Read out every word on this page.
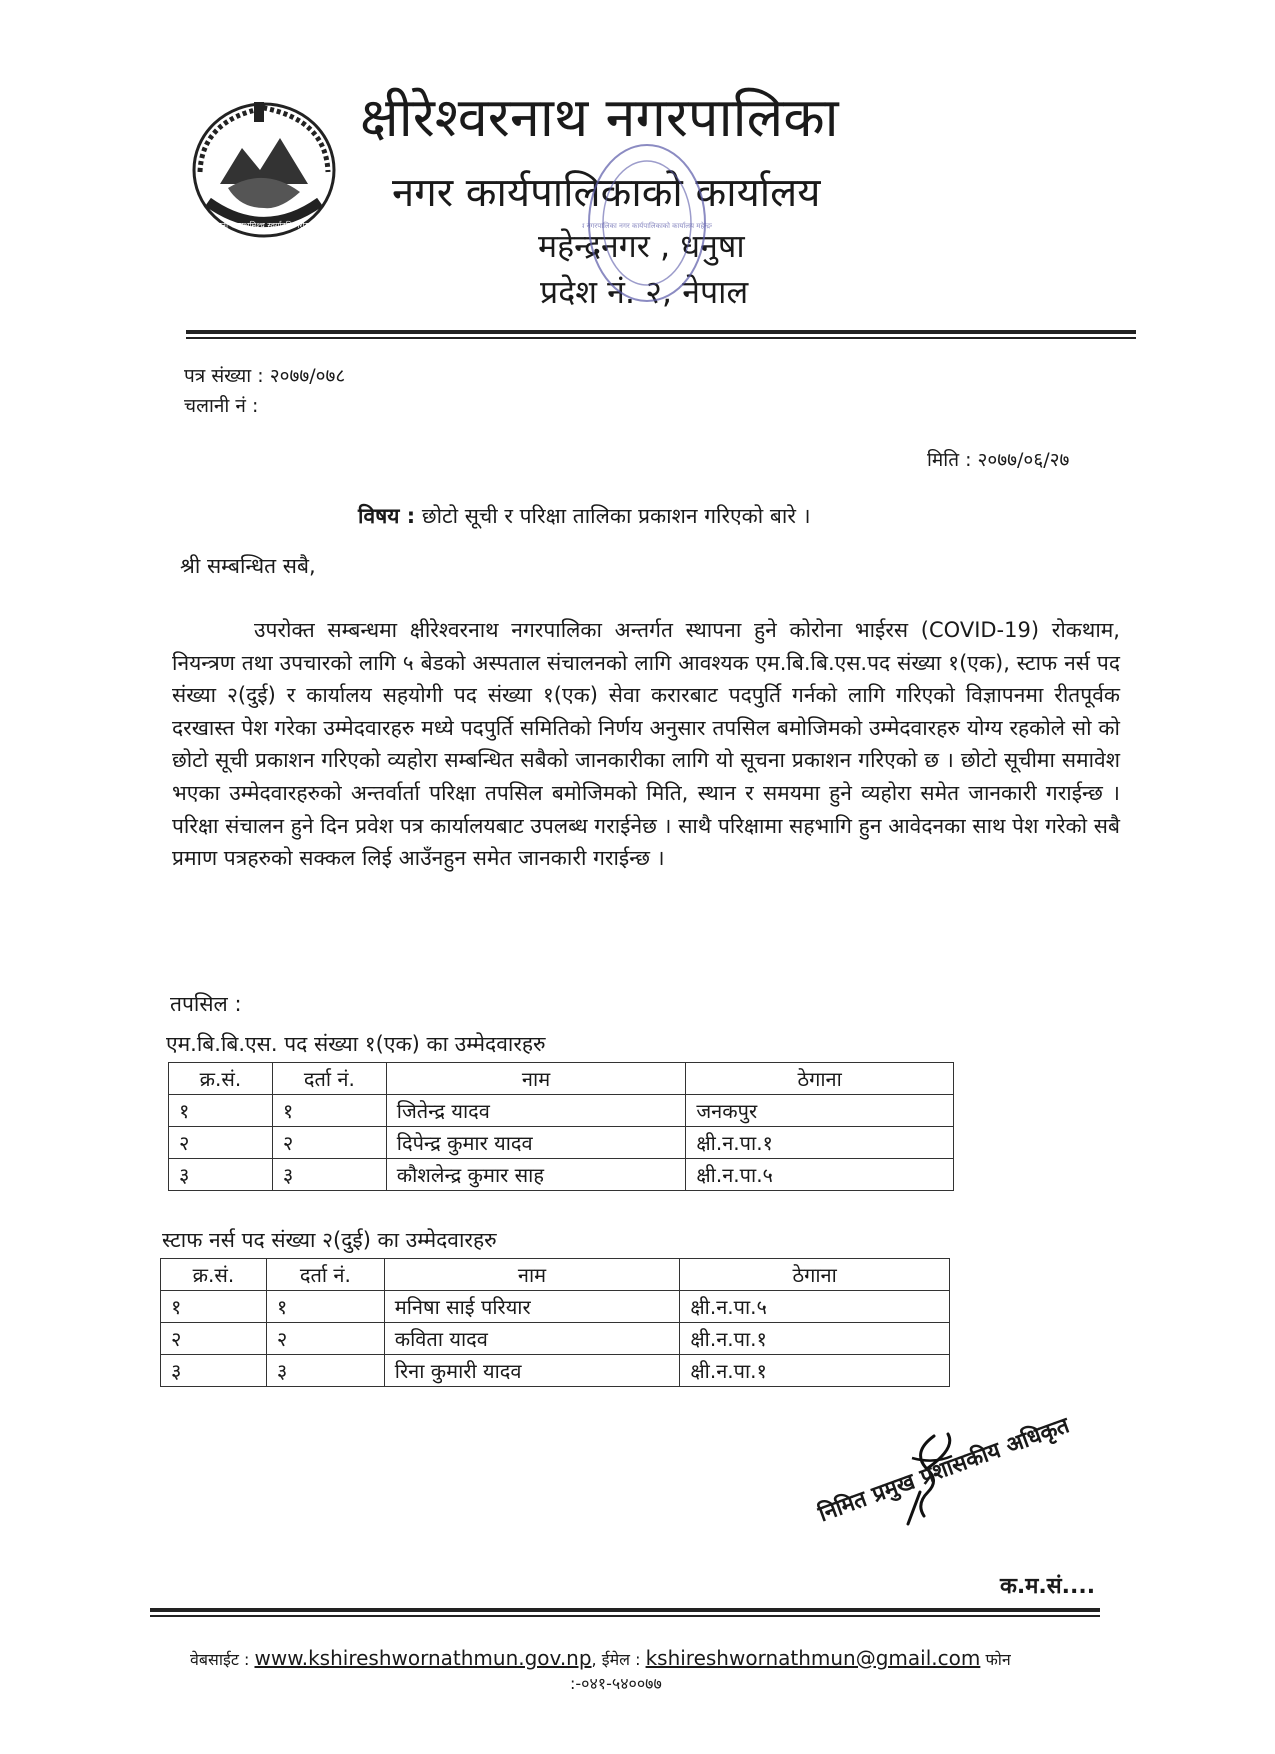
जननी जन्मभूमिश्च स्वर्गादपि गरीयसी
क्षीरेश्वरनाथ नगरपालिका
नगर कार्यपालिकाको कार्यालय
महेन्द्रनगर , धनुषा
प्रदेश नं. २, नेपाल
थ नगरपालिका नगर कार्यपालिकाको कार्यालय महेन्द्र
पत्र संख्या : २०७७/०७८
चलानी नं :
मिति : २०७७/०६/२७
विषय : छोटो सूची र परिक्षा तालिका प्रकाशन गरिएको बारे ।
श्री सम्बन्धित सबै,
उपरोक्त सम्बन्धमा क्षीरेश्वरनाथ नगरपालिका अन्तर्गत स्थापना हुने कोरोना भाईरस (COVID-19) रोकथाम, नियन्त्रण तथा उपचारको लागि ५ बेडको अस्पताल संचालनको लागि आवश्यक एम.बि.बि.एस.पद संख्या १(एक), स्टाफ नर्स पद संख्या २(दुई) र कार्यालय सहयोगी पद संख्या १(एक) सेवा करारबाट पदपुर्ति गर्नको लागि गरिएको विज्ञापनमा रीतपूर्वक दरखास्त पेश गरेका उम्मेदवारहरु मध्ये पदपुर्ति समितिको निर्णय अनुसार तपसिल बमोजिमको उम्मेदवारहरु योग्य रहकोले सो को छोटो सूची प्रकाशन गरिएको व्यहोरा सम्बन्धित सबैको जानकारीका लागि यो सूचना प्रकाशन गरिएको छ । छोटो सूचीमा समावेश भएका उम्मेदवारहरुको अन्तर्वार्ता परिक्षा तपसिल बमोजिमको मिति, स्थान र समयमा हुने व्यहोरा समेत जानकारी गराईन्छ । परिक्षा संचालन हुने दिन प्रवेश पत्र कार्यालयबाट उपलब्ध गराईनेछ । साथै परिक्षामा सहभागि हुन आवेदनका साथ पेश गरेको सबै प्रमाण पत्रहरुको सक्कल लिई आउँनहुन समेत जानकारी गराईन्छ ।
तपसिल :
एम.बि.बि.एस. पद संख्या १(एक) का उम्मेदवारहरु
क्र.सं.	दर्ता नं.	नाम	ठेगाना
१	१	जितेन्द्र यादव	जनकपुर
२	२	दिपेन्द्र कुमार यादव	क्षी.न.पा.१
३	३	कौशलेन्द्र कुमार साह	क्षी.न.पा.५
स्टाफ नर्स पद संख्या २(दुई) का उम्मेदवारहरु
क्र.सं.	दर्ता नं.	नाम	ठेगाना
१	१	मनिषा साई परियार	क्षी.न.पा.५
२	२	कविता यादव	क्षी.न.पा.१
३	३	रिना कुमारी यादव	क्षी.न.पा.१
निमित प्रमुख प्रशासकीय अधिकृत
क.म.सं....
वेबसाईट : www.kshireshwornathmun.gov.np, ईमेल : kshireshwornathmun@gmail.com फोन
:-०४१-५४००७७
